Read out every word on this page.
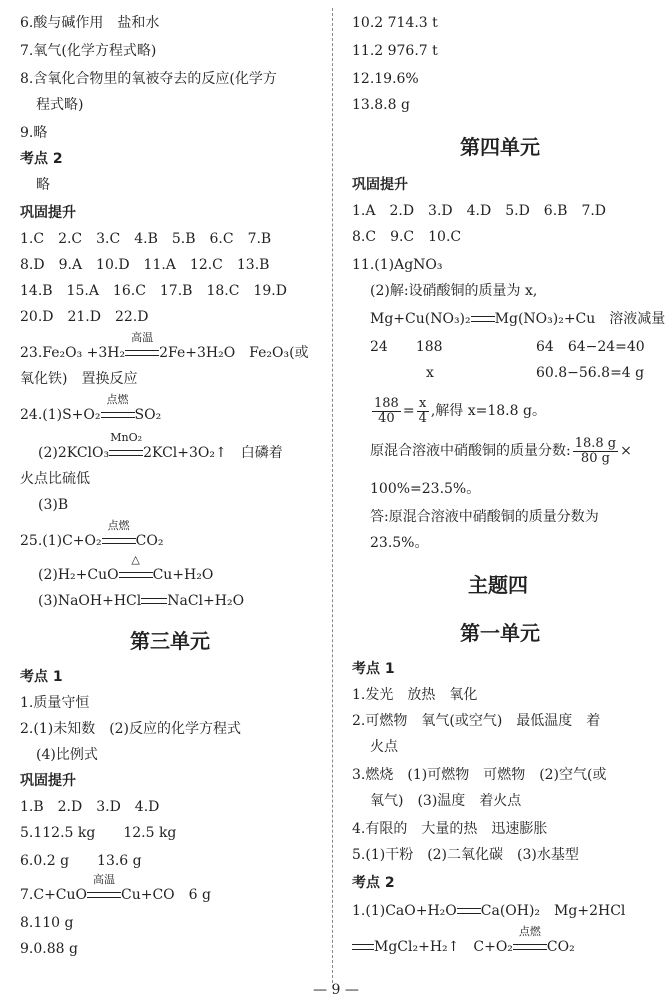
6.酸与碱作用　盐和水
7.氧气(化学方程式略)
8.含氧化合物里的氧被夺去的反应(化学方
程式略)
9.略
考点 2
略
巩固提升
1.C　2.C　3.C　4.B　5.B　6.C　7.B
8.D　9.A　10.D　11.A　12.C　13.B
14.B　15.A　16.C　17.B　18.C　19.D
20.D　21.D　22.D
23.Fe₂O₃ +3H₂
高温
2Fe+3H₂O　Fe₂O₃(或
氧化铁)　置换反应
24.(1)S+O₂
点燃
SO₂
(2)2KClO₃
MnO₂
2KCl+3O₂↑　白磷着
火点比硫低
(3)B
25.(1)C+O₂
点燃
CO₂
(2)H₂+CuO
△
Cu+H₂O
(3)NaOH+HCl NaCl+H₂O
第三单元
考点 1
1.质量守恒
2.(1)未知数　(2)反应的化学方程式
(4)比例式
巩固提升
1.B　2.D　3.D　4.D
5.112.5 kg　　12.5 kg
6.0.2 g　　13.6 g
7.C+CuO
高温
Cu+CO　6 g
8.110 g
9.0.88 g
10.2 714.3 t
11.2 976.7 t
12.19.6%
13.8.8 g
第四单元
巩固提升
1.A　2.D　3.D　4.D　5.D　6.B　7.D
8.C　9.C　10.C
11.(1)AgNO₃
(2)解:设硝酸铜的质量为 x,
Mg+Cu(NO₃)₂ Mg(NO₃)₂+Cu　溶液减量
24　　188	64　64−24=40
x	60.8−56.8=4 g
$\frac{188}{40} = \frac{x}{4}$ ,解得 x=18.8 g。
原混合溶液中硝酸铜的质量分数: $\frac{18.8 g}{80 g}$ ×
100%=23.5%。
答:原混合溶液中硝酸铜的质量分数为
23.5%。
主题四
第一单元
考点 1
1.发光　放热　氧化
2.可燃物　氧气(或空气)　最低温度　着
火点
3.燃烧　(1)可燃物　可燃物　(2)空气(或
氧气)　(3)温度　着火点
4.有限的　大量的热　迅速膨胀
5.(1)干粉　(2)二氧化碳　(3)水基型
考点 2
1.(1)CaO+H₂O Ca(OH)₂　Mg+2HCl
MgCl₂+H₂↑　C+O₂
点燃
CO₂
— 9 —
